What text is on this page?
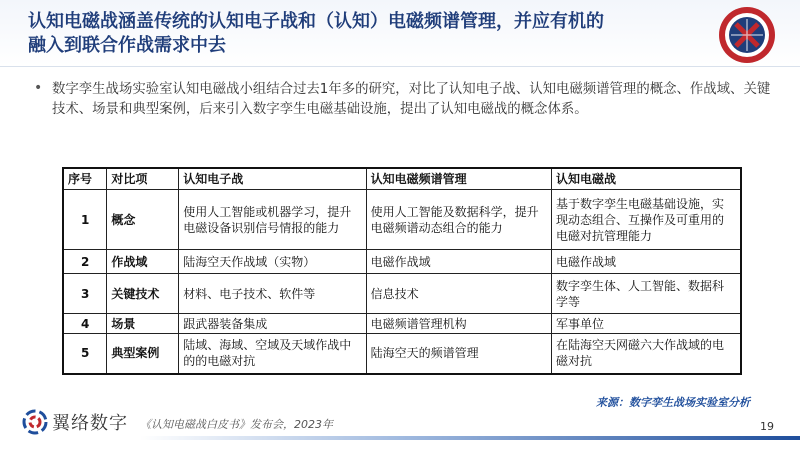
认知电磁战涵盖传统的认知电子战和（认知）电磁频谱管理，并应有机的
融入到联合作战需求中去
• 数字孪生战场实验室认知电磁战小组结合过去1年多的研究，对比了认知电子战、认知电磁频谱管理的概念、作战域、关键技术、场景和典型案例，后来引入数字孪生电磁基础设施，提出了认知电磁战的概念体系。
序号	对比项	认知电子战	认知电磁频谱管理	认知电磁战
1	概念	使用人工智能或机器学习，提升电磁设备识别信号情报的能力	使用人工智能及数据科学，提升电磁频谱动态组合的能力	基于数字孪生电磁基础设施，实现动态组合、互操作及可重用的电磁对抗管理能力
2	作战域	陆海空天作战域（实物）	电磁作战域	电磁作战域
3	关键技术	材料、电子技术、软件等	信息技术	数字孪生体、人工智能、数据科学等
4	场景	跟武器装备集成	电磁频谱管理机构	军事单位
5	典型案例	陆域、海域、空域及天域作战中的的电磁对抗	陆海空天的频谱管理	在陆海空天网磁六大作战域的电磁对抗
来源：数字孪生战场实验室分析
翼络数字 《认知电磁战白皮书》发布会，2023年	19
